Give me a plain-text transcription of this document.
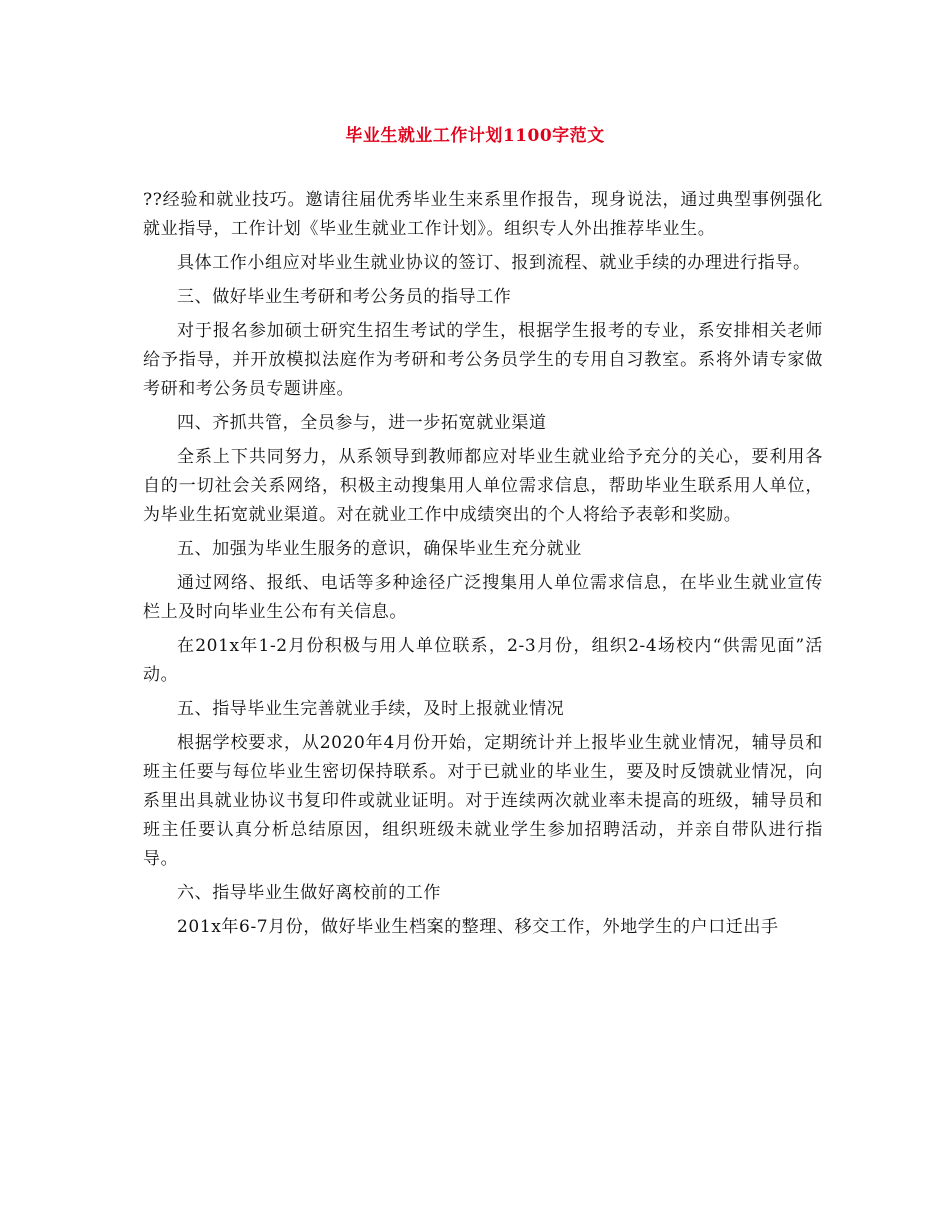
毕业生就业工作计划1100字范文

??经验和就业技巧。邀请往届优秀毕业生来系里作报告，现身说法，通过典型事例强化就业指导，工作计划《毕业生就业工作计划》。组织专人外出推荐毕业生。

具体工作小组应对毕业生就业协议的签订、报到流程、就业手续的办理进行指导。

三、做好毕业生考研和考公务员的指导工作

对于报名参加硕士研究生招生考试的学生，根据学生报考的专业，系安排相关老师给予指导，并开放模拟法庭作为考研和考公务员学生的专用自习教室。系将外请专家做考研和考公务员专题讲座。

四、齐抓共管，全员参与，进一步拓宽就业渠道

全系上下共同努力，从系领导到教师都应对毕业生就业给予充分的关心，要利用各自的一切社会关系网络，积极主动搜集用人单位需求信息，帮助毕业生联系用人单位，为毕业生拓宽就业渠道。对在就业工作中成绩突出的个人将给予表彰和奖励。

五、加强为毕业生服务的意识，确保毕业生充分就业

通过网络、报纸、电话等多种途径广泛搜集用人单位需求信息，在毕业生就业宣传栏上及时向毕业生公布有关信息。

在201x年1-2月份积极与用人单位联系，2-3月份，组织2-4场校内“供需见面”活动。

五、指导毕业生完善就业手续，及时上报就业情况

根据学校要求，从2020年4月份开始，定期统计并上报毕业生就业情况，辅导员和班主任要与每位毕业生密切保持联系。对于已就业的毕业生，要及时反馈就业情况，向系里出具就业协议书复印件或就业证明。对于连续两次就业率未提高的班级，辅导员和班主任要认真分析总结原因，组织班级未就业学生参加招聘活动，并亲自带队进行指导。

六、指导毕业生做好离校前的工作

201x年6-7月份，做好毕业生档案的整理、移交工作，外地学生的户口迁出手
